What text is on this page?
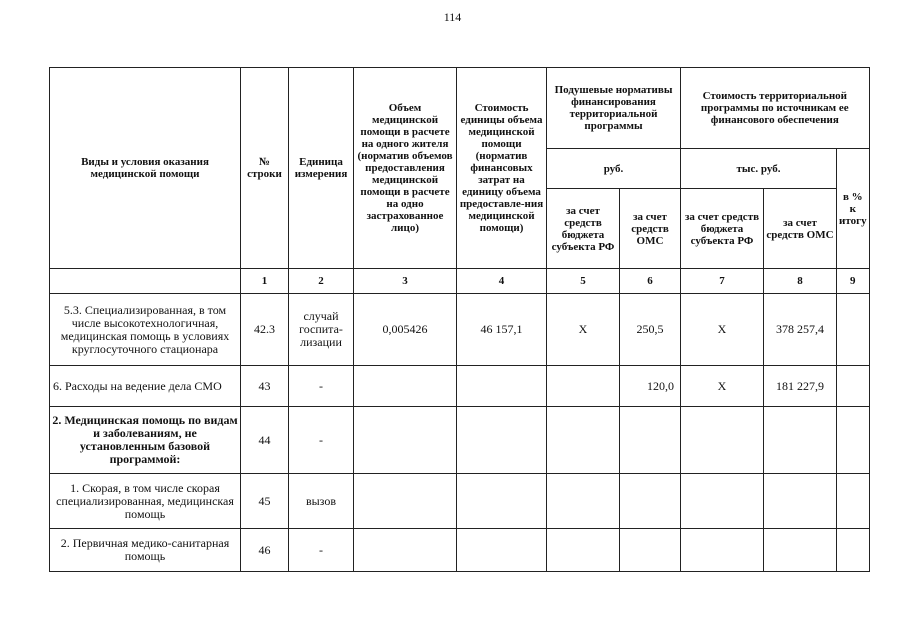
114
Виды и условия оказания медицинской помощи	№ строки	Единица измерения	Объем медицинской помощи в расчете на одного жителя (норматив объемов предоставления медицинской помощи в расчете на одно застрахованное лицо)	Стоимость единицы объема медицинской помощи (норматив финансовых затрат на единицу объема предоставле-ния медицинской помощи)	Подушевые нормативы финансирования территориальной программы		Стоимость территориальной программы по источникам ее финансового обеспечения		
					руб.		тыс. руб.		в % к итогу
					за счет средств бюджета субъекта РФ	за счет средств ОМС	за счет средств бюджета субъекта РФ	за счет средств ОМС	
	1	2	3	4	5	6	7	8	9
5.3. Специализированная, в том числе высокотехнологичная, медицинская помощь в условиях круглосуточного стационара	42.3	случай госпита-лизации	0,005426	46 157,1	Х	250,5	Х	378 257,4	
6. Расходы на ведение дела СМО	43	-				120,0	Х	181 227,9	
2. Медицинская помощь по видам и заболеваниям, не установленным базовой программой:	44	-							
1. Скорая, в том числе скорая специализированная, медицинская помощь	45	вызов							
2. Первичная медико-санитарная помощь	46	-							
